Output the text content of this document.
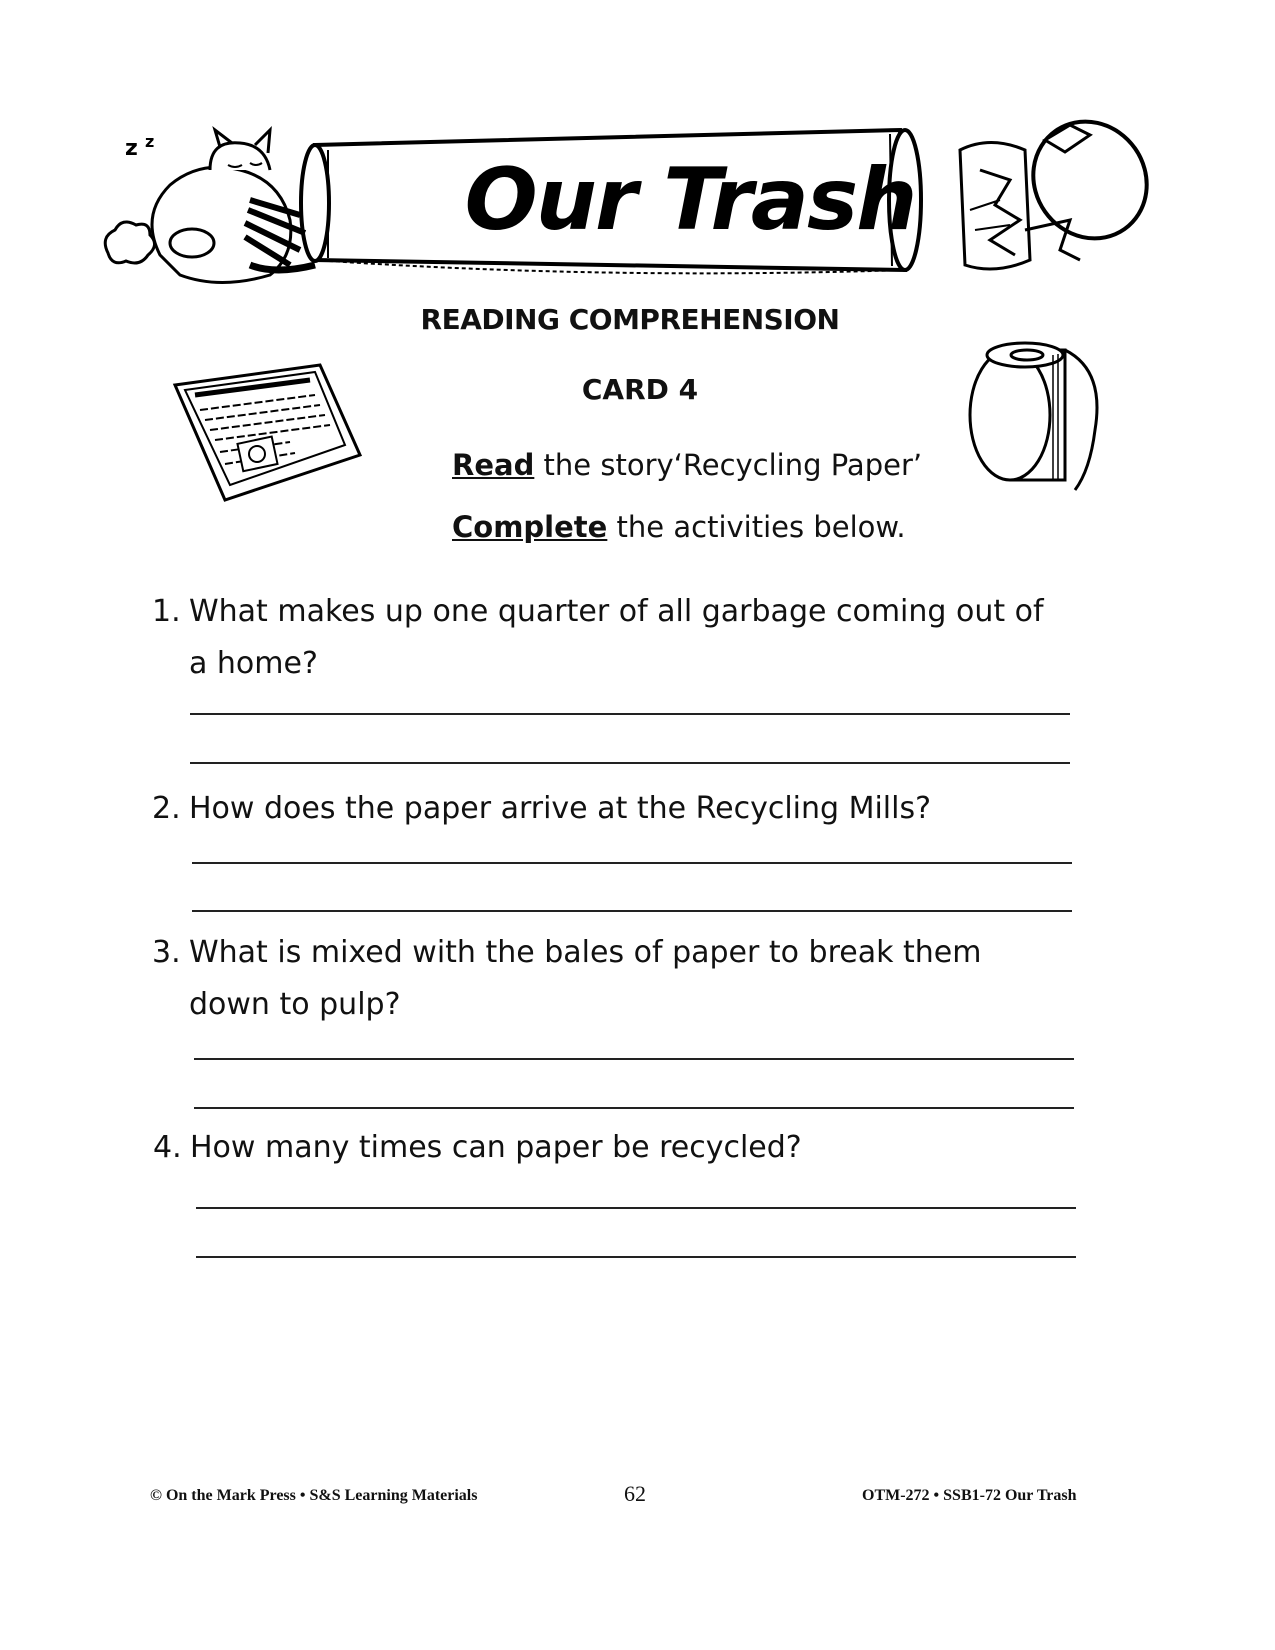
z z
Our Trash
READING COMPREHENSION
CARD 4
Read the story‘Recycling Paper’
Complete the activities below.
1. What makes up one quarter of all garbage coming out of a home?
2. How does the paper arrive at the Recycling Mills?
3. What is mixed with the bales of paper to break them down to pulp?
4. How many times can paper be recycled?
© On the Mark Press • S&S Learning Materials	62	OTM-272 • SSB1-72 Our Trash
